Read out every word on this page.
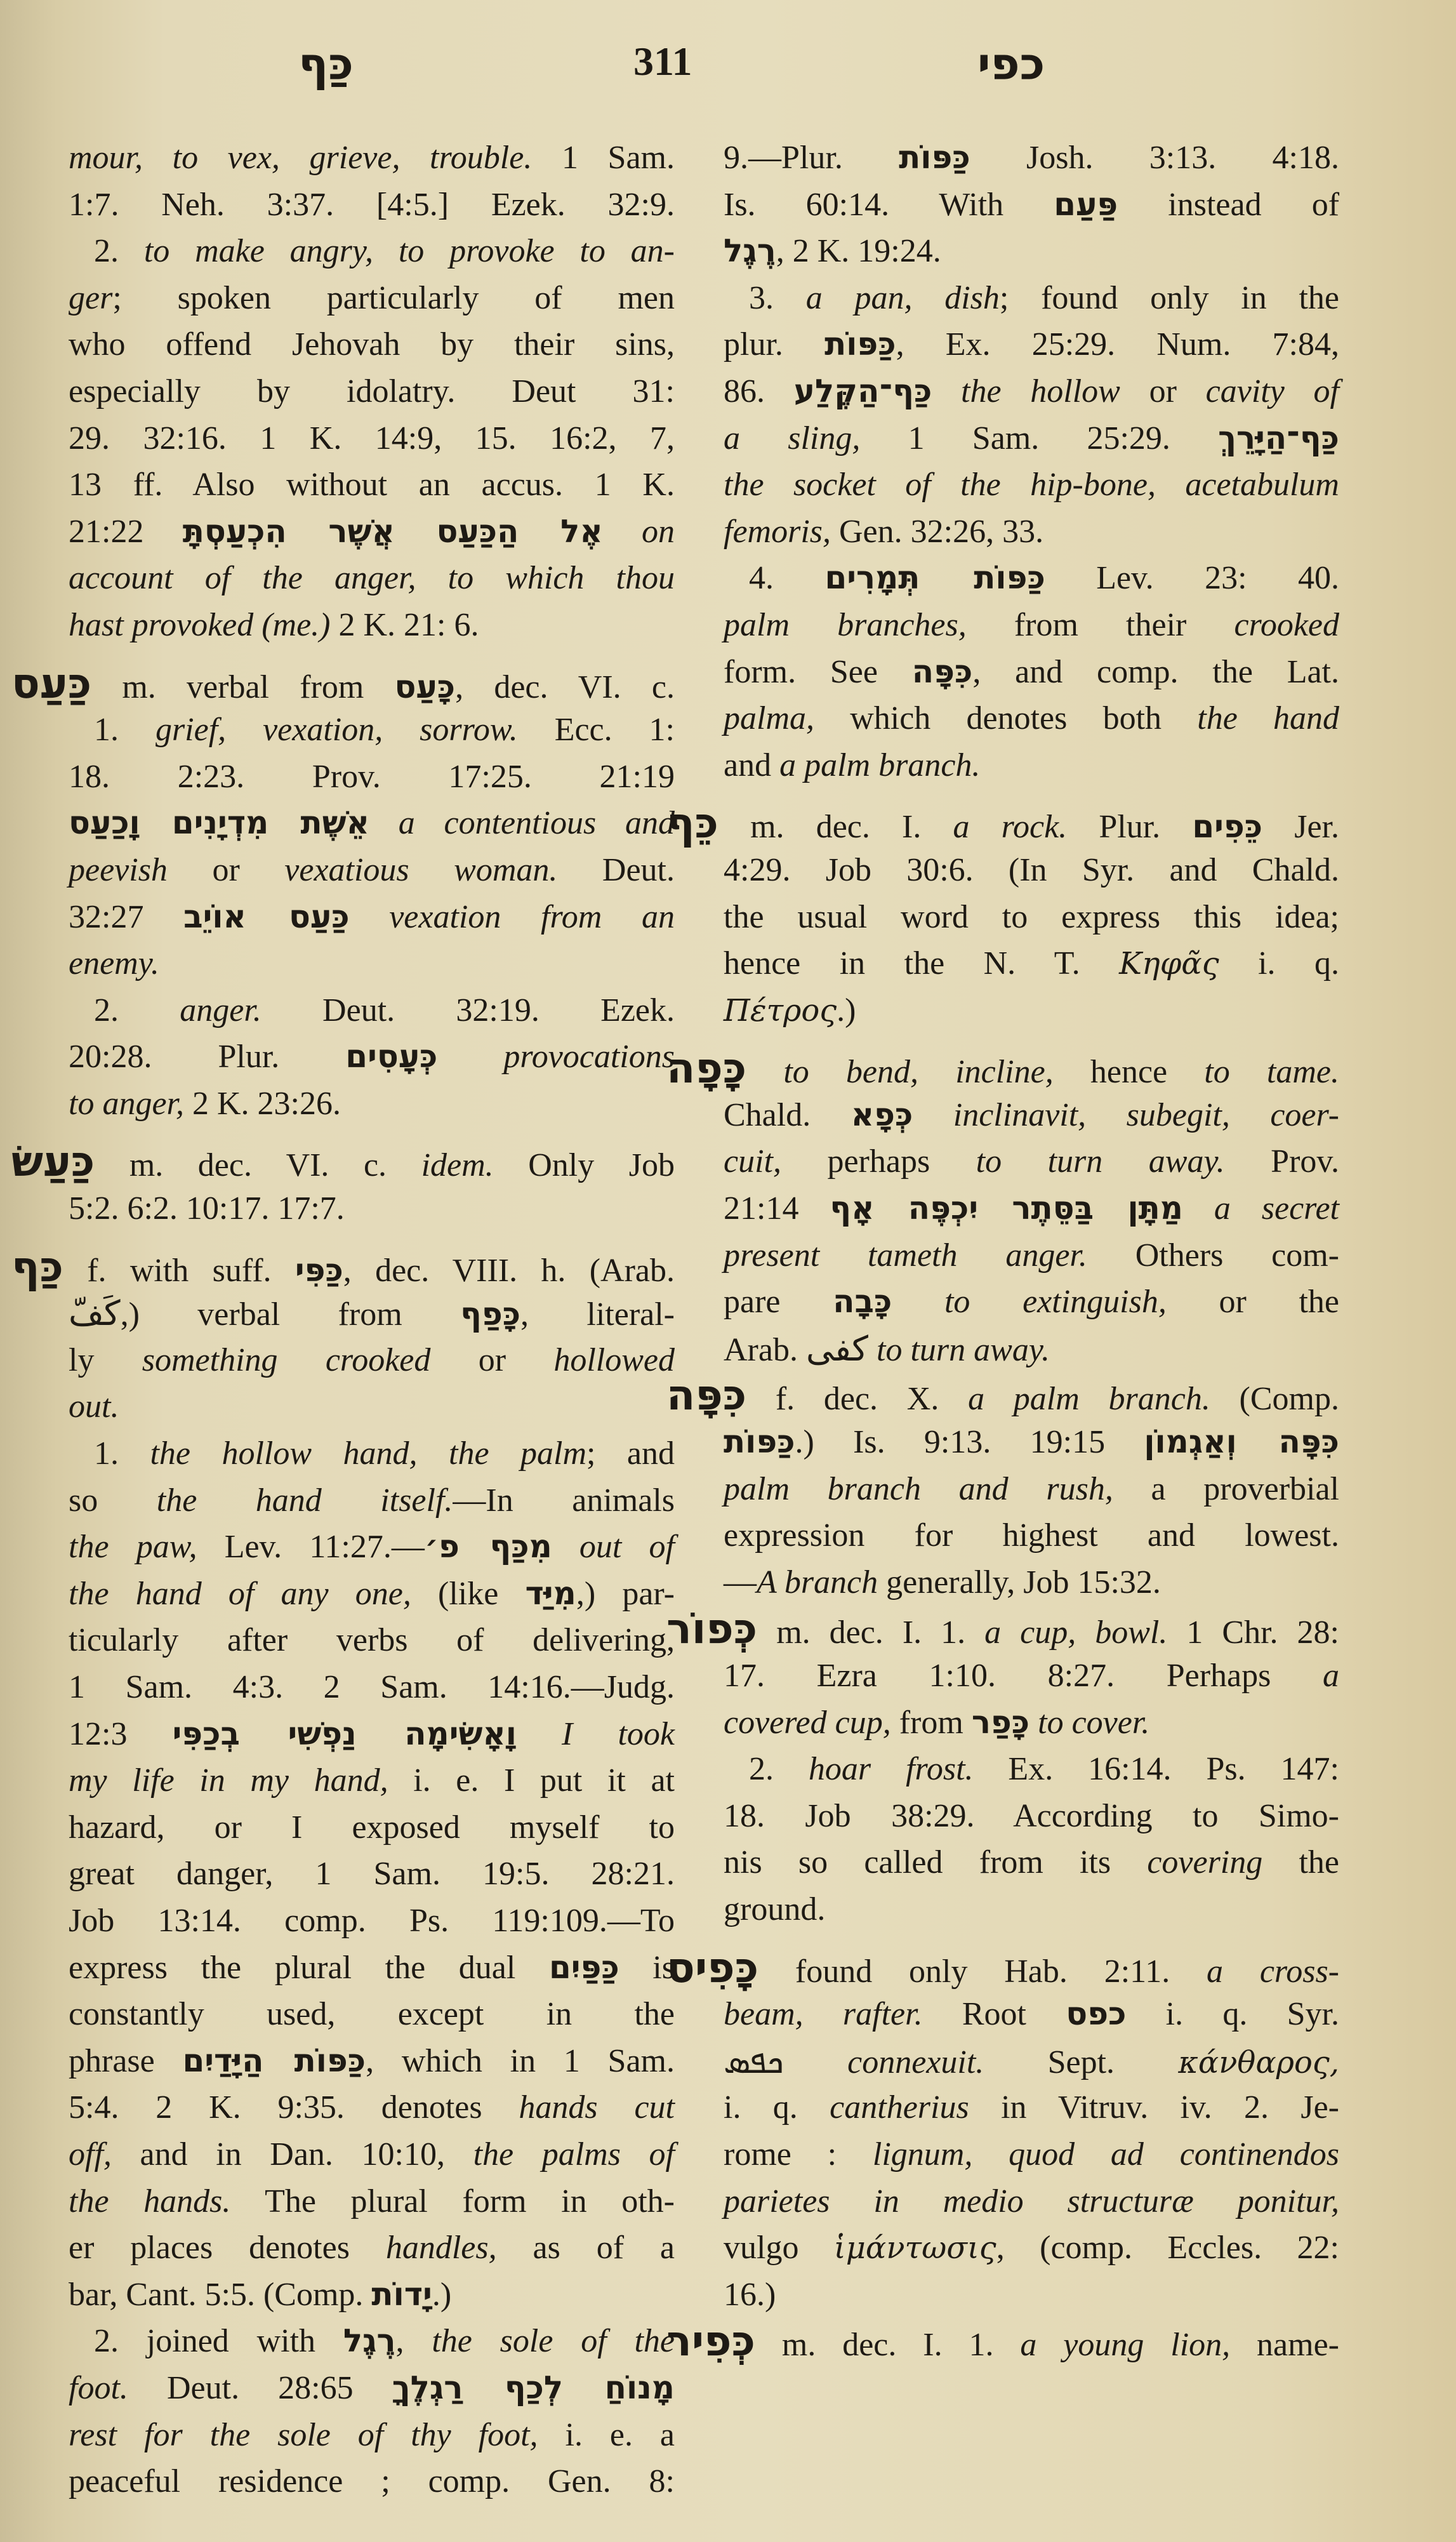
כַּף	311	כפי
mour, to vex, grieve, trouble. 1 Sam.
1:7. Neh. 3:37. [4:5.] Ezek. 32:9.
2. to make angry, to provoke to an-
ger; spoken particularly of men
who offend Jehovah by their sins,
especially by idolatry. Deut 31:
29. 32:16. 1 K. 14:9, 15. 16:2, 7,
13 ff. Also without an accus. 1 K.
21:22 אֶל הַכַּעַס אֲשֶׁר הִכְעַסְתָּ on
account of the anger, to which thou
hast provoked (me.) 2 K. 21: 6.
כַּעַס m. verbal from כָּעַס, dec. VI. c.
1. grief, vexation, sorrow. Ecc. 1:
18. 2:23. Prov. 17:25. 21:19
אֵשֶׁת מִדְיָנִים וָכַעַס a contentious and
peevish or vexatious woman. Deut.
32:27 כַּעַס אוֹיֵב vexation from an
enemy.
2. anger. Deut. 32:19. Ezek.
20:28. Plur. כְּעָסִים provocations
to anger, 2 K. 23:26.
כַּעַשׂ m. dec. VI. c. idem. Only Job
5:2. 6:2. 10:17. 17:7.
כַּף f. with suff. כַּפִּי, dec. VIII. h. (Arab.
كَفّ,) verbal from כָּפַף, literal-
ly something crooked or hollowed
out.
1. the hollow hand, the palm; and
so the hand itself.—In animals
the paw, Lev. 11:27.—מִכַּף פ׳ out of
the hand of any one, (like מִיַּד,) par-
ticularly after verbs of delivering,
1 Sam. 4:3. 2 Sam. 14:16.—Judg.
12:3 וָאָשִׂימָה נַפְשִׁי בְכַפִּי I took
my life in my hand, i. e. I put it at
hazard, or I exposed myself to
great danger, 1 Sam. 19:5. 28:21.
Job 13:14. comp. Ps. 119:109.—To
express the plural the dual כַּפַּיִם is
constantly used, except in the
phrase כַּפּוֹת הַיָּדַיִם, which in 1 Sam.
5:4. 2 K. 9:35. denotes hands cut
off, and in Dan. 10:10, the palms of
the hands. The plural form in oth-
er places denotes handles, as of a
bar, Cant. 5:5. (Comp. יָדוֹת.)
2. joined with רֶגֶל, the sole of the
foot. Deut. 28:65 מָנוֹחַ לְכַף רַגְלֶךָ
rest for the sole of thy foot, i. e. a
peaceful residence ; comp. Gen. 8:
9.—Plur. כַּפּוֹת Josh. 3:13. 4:18.
Is. 60:14. With פַּעַם instead of
רֶגֶל, 2 K. 19:24.
3. a pan, dish; found only in the
plur. כַּפּוֹת, Ex. 25:29. Num. 7:84,
86. כַּף־הַקֶּלַע the hollow or cavity of
a sling, 1 Sam. 25:29. כַּף־הַיָּרֵךְ
the socket of the hip-bone, acetabulum
femoris, Gen. 32:26, 33.
4. כַּפּוֹת תְּמָרִים Lev. 23: 40.
palm branches, from their crooked
form. See כִּפָּה, and comp. the Lat.
palma, which denotes both the hand
and a palm branch.
כֵּף m. dec. I. a rock. Plur. כֵּפִים Jer.
4:29. Job 30:6. (In Syr. and Chald.
the usual word to express this idea;
hence in the N. T. Κηφᾶς i. q.
Πέτρος.)
כָּפָה to bend, incline, hence to tame.
Chald. כְּפָא inclinavit, subegit, coer-
cuit, perhaps to turn away. Prov.
21:14 מַתָּן בַּסֵּתֶר יִכְפֶּה אָף a secret
present tameth anger. Others com-
pare כָּבָה to extinguish, or the
Arab. كفى to turn away.
כִּפָּה f. dec. X. a palm branch. (Comp.
כַּפּוֹת.) Is. 9:13. 19:15 כִּפָּה וְאַגְמוֹן
palm branch and rush, a proverbial
expression for highest and lowest.
—A branch generally, Job 15:32.
כְּפוֹר m. dec. I. 1. a cup, bowl. 1 Chr. 28:
17. Ezra 1:10. 8:27. Perhaps a
covered cup, from כָּפַר to cover.
2. hoar frost. Ex. 16:14. Ps. 147:
18. Job 38:29. According to Simo-
nis so called from its covering the
ground.
כָּפִיס found only Hab. 2:11. a cross-
beam, rafter. Root כפס i. q. Syr.
ܟܦܣ connexuit. Sept. κάνθαρος,
i. q. cantherius in Vitruv. iv. 2. Je-
rome : lignum, quod ad continendos
parietes in medio structuræ ponitur,
vulgo ἱμάντωσις, (comp. Eccles. 22:
16.)
כְּפִיר m. dec. I. 1. a young lion, name-
